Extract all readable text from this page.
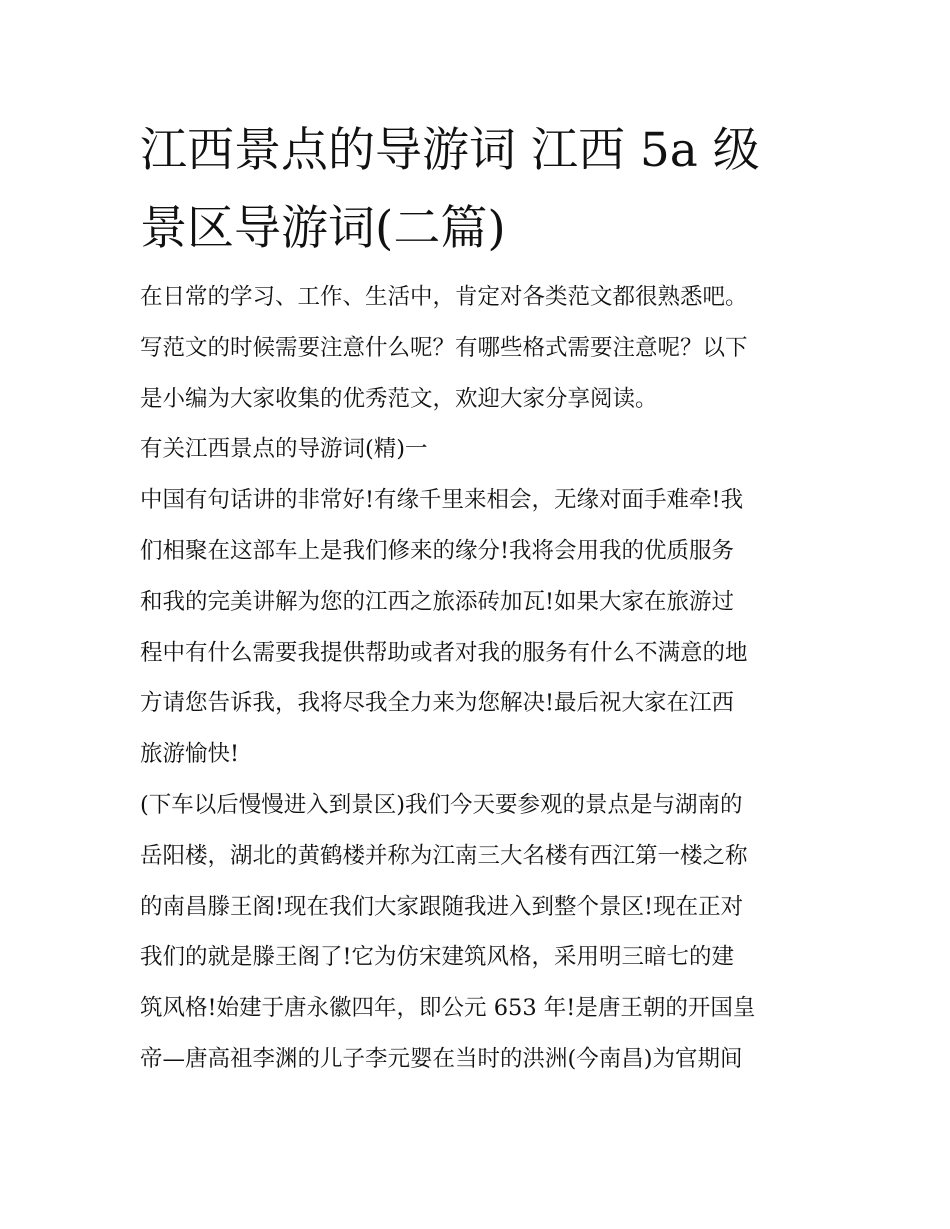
江西景点的导游词 江西 5a 级
景区导游词(二篇)
在日常的学习、工作、生活中，肯定对各类范文都很熟悉吧。
写范文的时候需要注意什么呢？有哪些格式需要注意呢？以下
是小编为大家收集的优秀范文，欢迎大家分享阅读。
有关江西景点的导游词(精)一
中国有句话讲的非常好!有缘千里来相会，无缘对面手难牵!我
们相聚在这部车上是我们修来的缘分!我将会用我的优质服务
和我的完美讲解为您的江西之旅添砖加瓦!如果大家在旅游过
程中有什么需要我提供帮助或者对我的服务有什么不满意的地
方请您告诉我，我将尽我全力来为您解决!最后祝大家在江西
旅游愉快!
(下车以后慢慢进入到景区)我们今天要参观的景点是与湖南的
岳阳楼，湖北的黄鹤楼并称为江南三大名楼有西江第一楼之称
的南昌滕王阁!现在我们大家跟随我进入到整个景区!现在正对
我们的就是滕王阁了!它为仿宋建筑风格，采用明三暗七的建
筑风格!始建于唐永徽四年，即公元 653 年!是唐王朝的开国皇
帝—唐高祖李渊的儿子李元婴在当时的洪洲(今南昌)为官期间
